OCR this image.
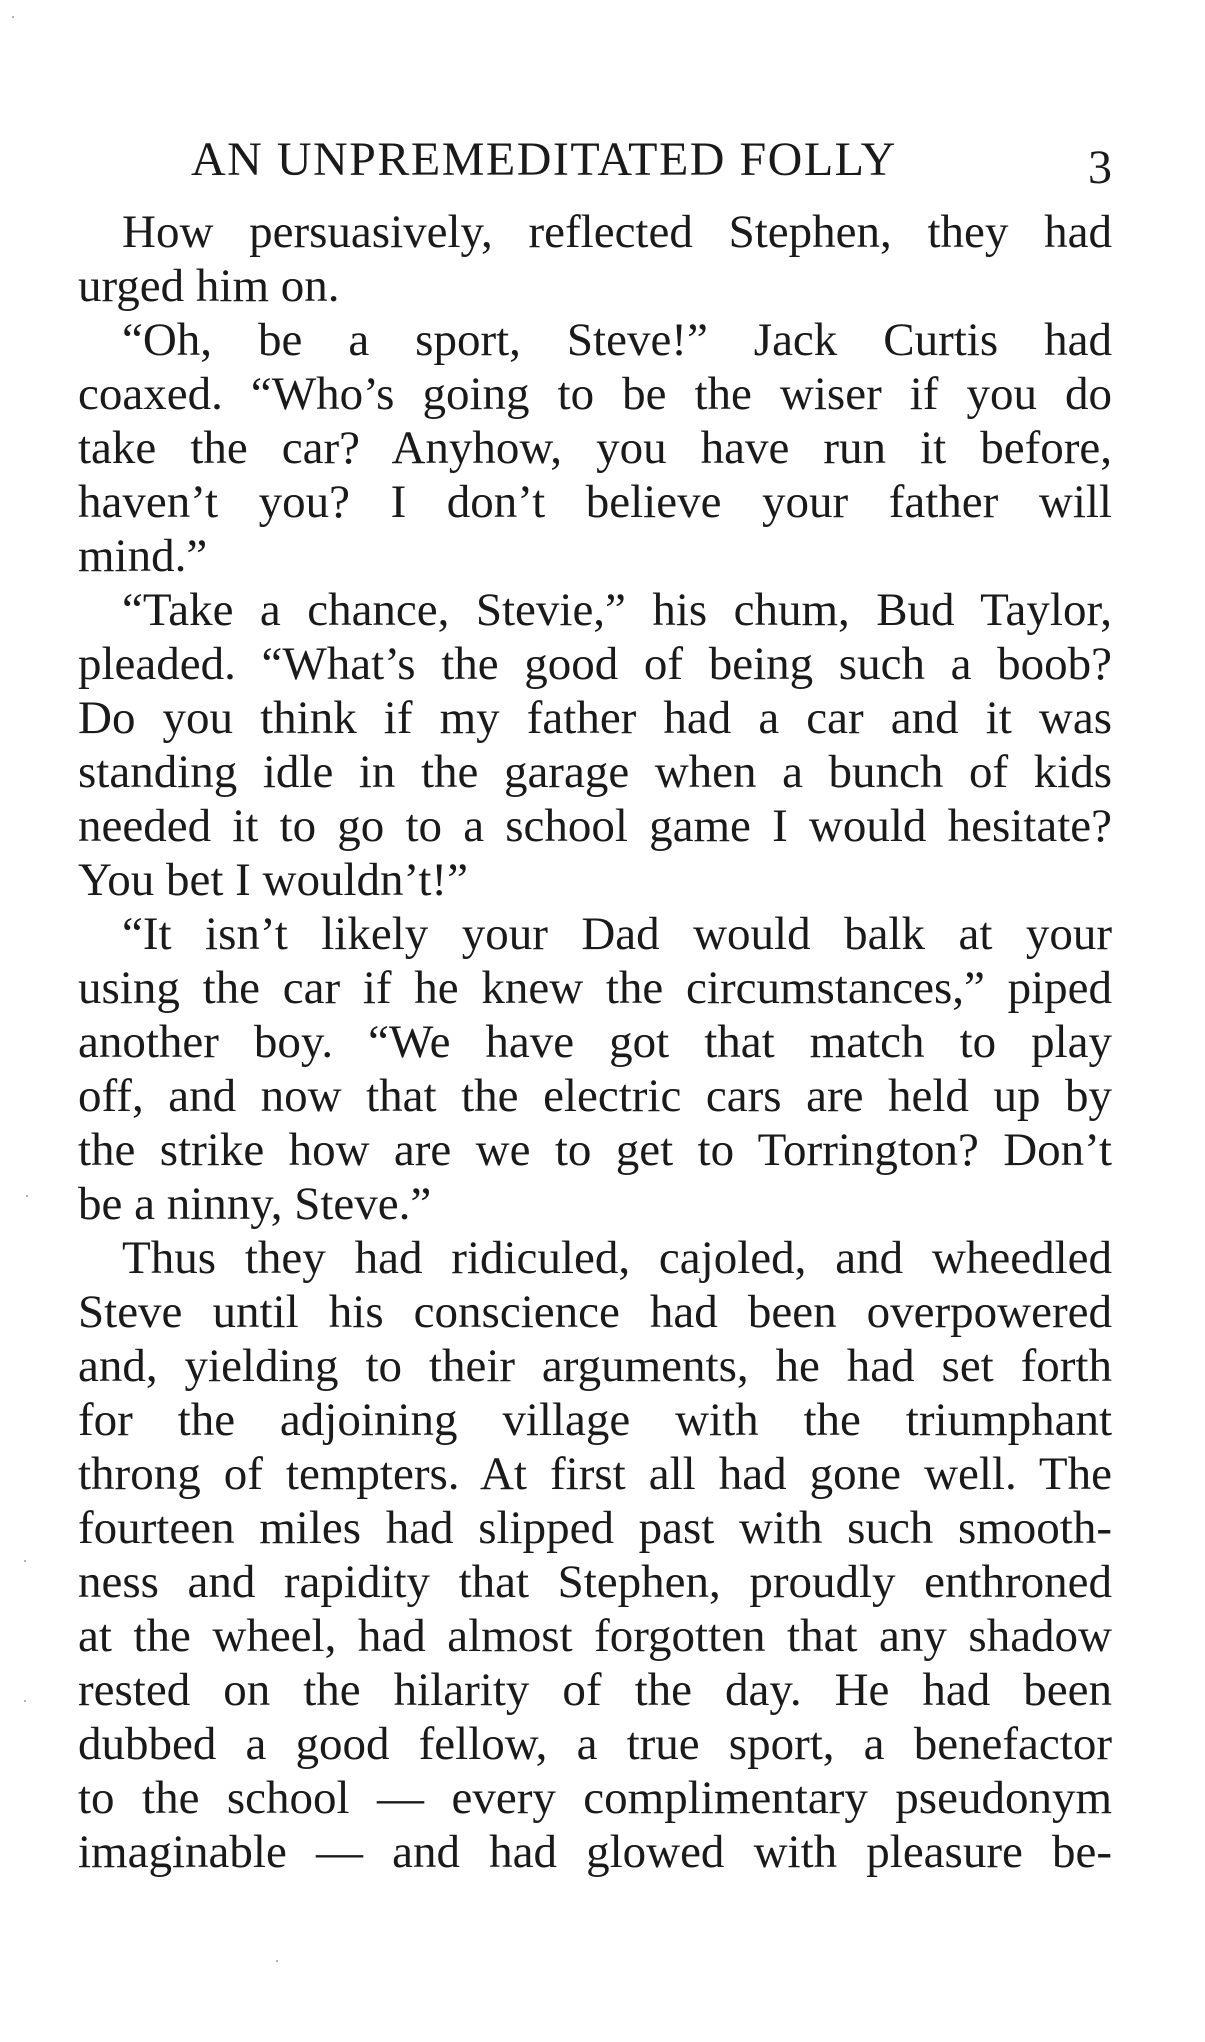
AN UNPREMEDITATED FOLLY	3
How persuasively, reflected Stephen, they had
urged him on.
“Oh, be a sport, Steve!” Jack Curtis had
coaxed. “Who’s going to be the wiser if you do
take the car? Anyhow, you have run it before,
haven’t you? I don’t believe your father will
mind.”
“Take a chance, Stevie,” his chum, Bud Taylor,
pleaded. “What’s the good of being such a boob?
Do you think if my father had a car and it was
standing idle in the garage when a bunch of kids
needed it to go to a school game I would hesitate?
You bet I wouldn’t!”
“It isn’t likely your Dad would balk at your
using the car if he knew the circumstances,” piped
another boy. “We have got that match to play
off, and now that the electric cars are held up by
the strike how are we to get to Torrington? Don’t
be a ninny, Steve.”
Thus they had ridiculed, cajoled, and wheedled
Steve until his conscience had been overpowered
and, yielding to their arguments, he had set forth
for the adjoining village with the triumphant
throng of tempters. At first all had gone well. The
fourteen miles had slipped past with such smooth-
ness and rapidity that Stephen, proudly enthroned
at the wheel, had almost forgotten that any shadow
rested on the hilarity of the day. He had been
dubbed a good fellow, a true sport, a benefactor
to the school — every complimentary pseudonym
imaginable — and had glowed with pleasure be-
